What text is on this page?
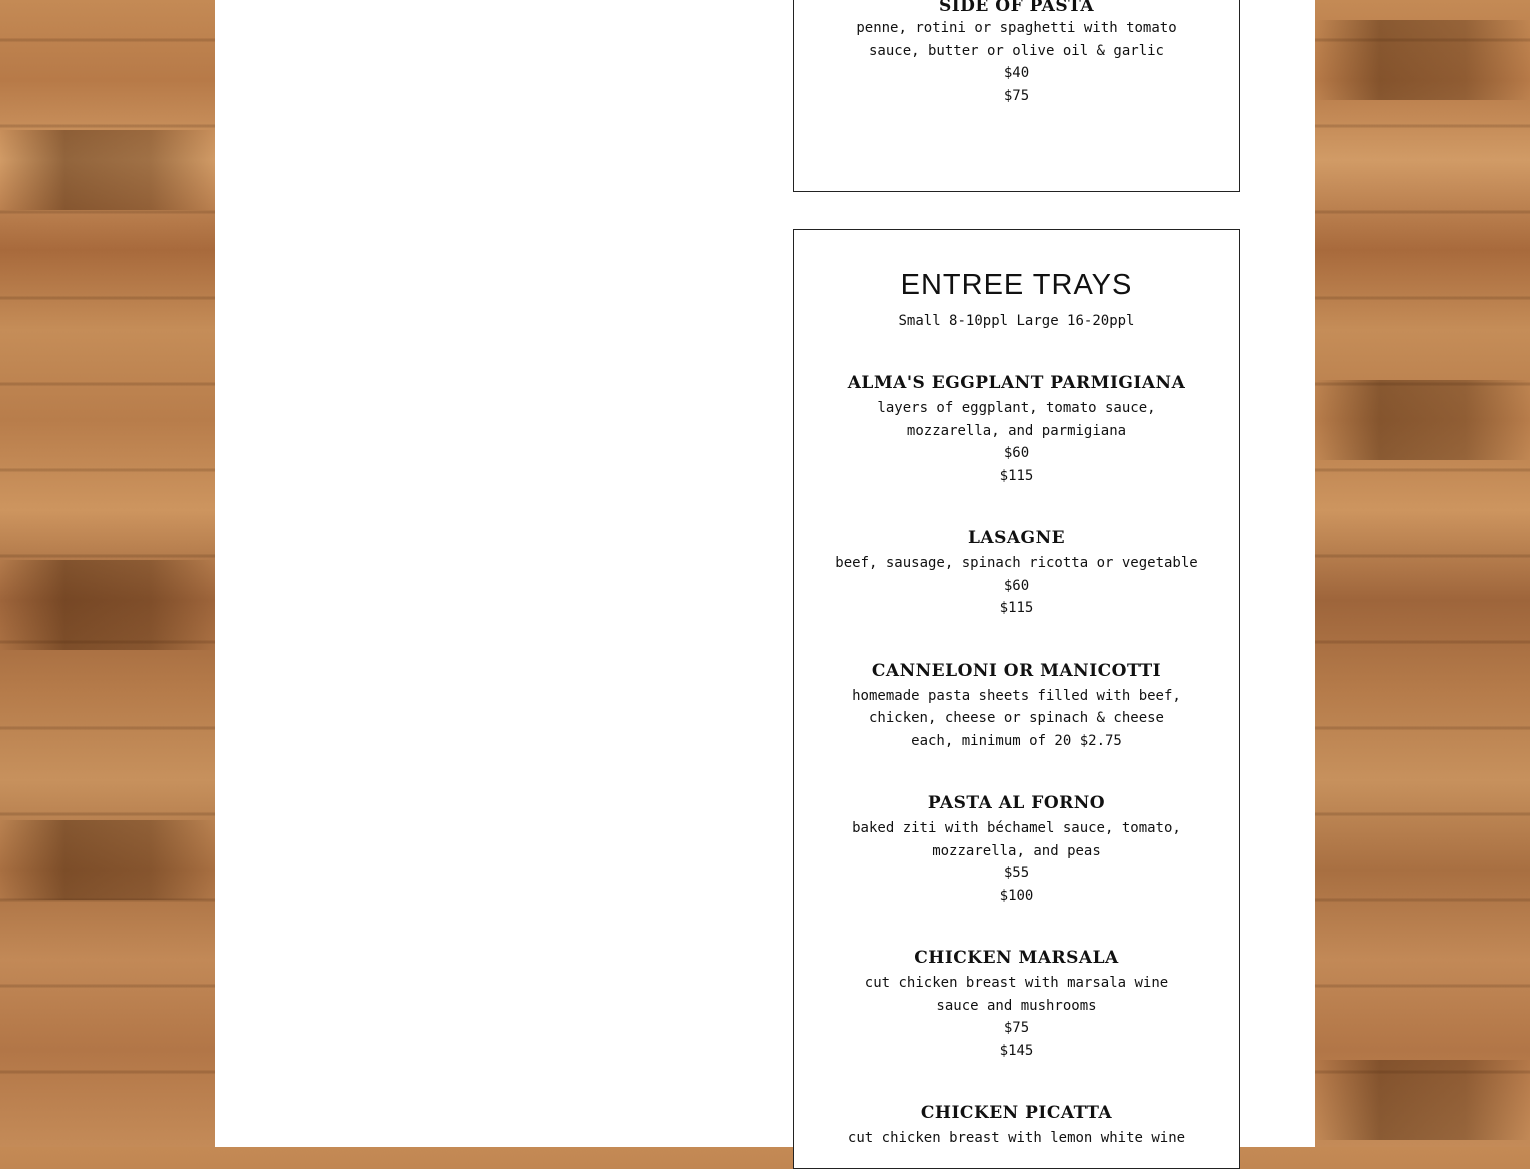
SIDE OF PASTA

penne, rotini or spaghetti with tomato sauce, butter or olive oil & garlic

$40

$75

ENTREE TRAYS

Small 8-10ppl Large 16-20ppl

ALMA'S EGGPLANT PARMIGIANA

layers of eggplant, tomato sauce, mozzarella, and parmigiana

$60

$115

LASAGNE

beef, sausage, spinach ricotta or vegetable

$60

$115

CANNELONI OR MANICOTTI

homemade pasta sheets filled with beef, chicken, cheese or spinach & cheese

each, minimum of 20 $2.75

PASTA AL FORNO

baked ziti with béchamel sauce, tomato, mozzarella, and peas

$55

$100

CHICKEN MARSALA

cut chicken breast with marsala wine sauce and mushrooms

$75

$145

CHICKEN PICATTA

cut chicken breast with lemon white wine
